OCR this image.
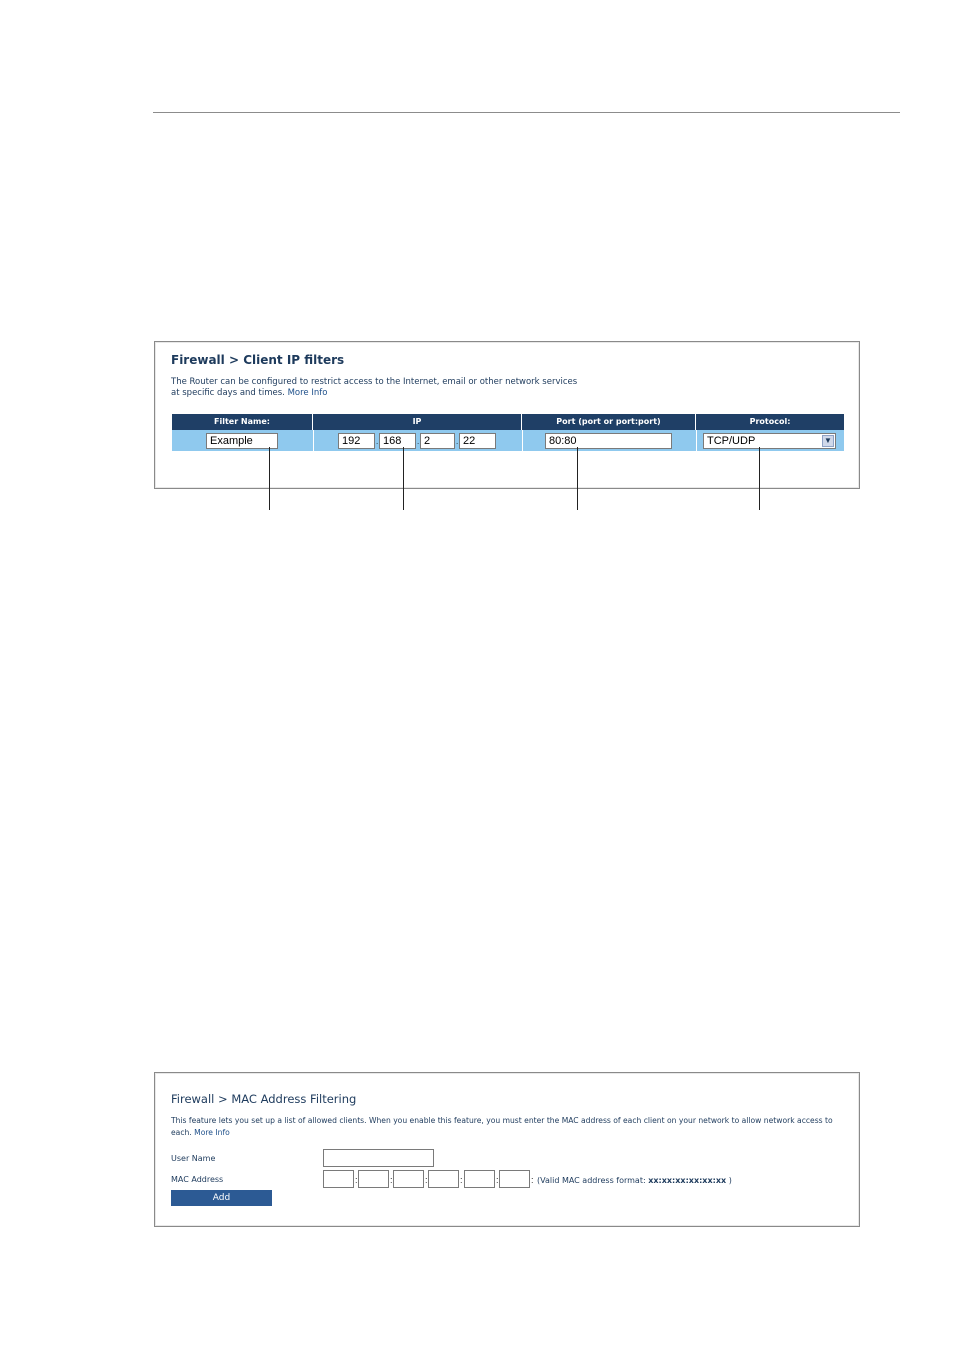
Firewall > Client IP filters
The Router can be configured to restrict access to the Internet, email or other network services
at specific days and times. More Info
Filter Name:	IP	Port (port or port:port)	Protocol:
Example	192	. 168	. 2	. 22	80:80	TCP/UDP	▼
Firewall > MAC Address Filtering
This feature lets you set up a list of allowed clients. When you enable this feature, you must enter the MAC address of each client on your network to allow network access to
each. More Info
User Name
MAC Address	:	:	:	:	:	: (Valid MAC address format: xx:xx:xx:xx:xx:xx )
Add
